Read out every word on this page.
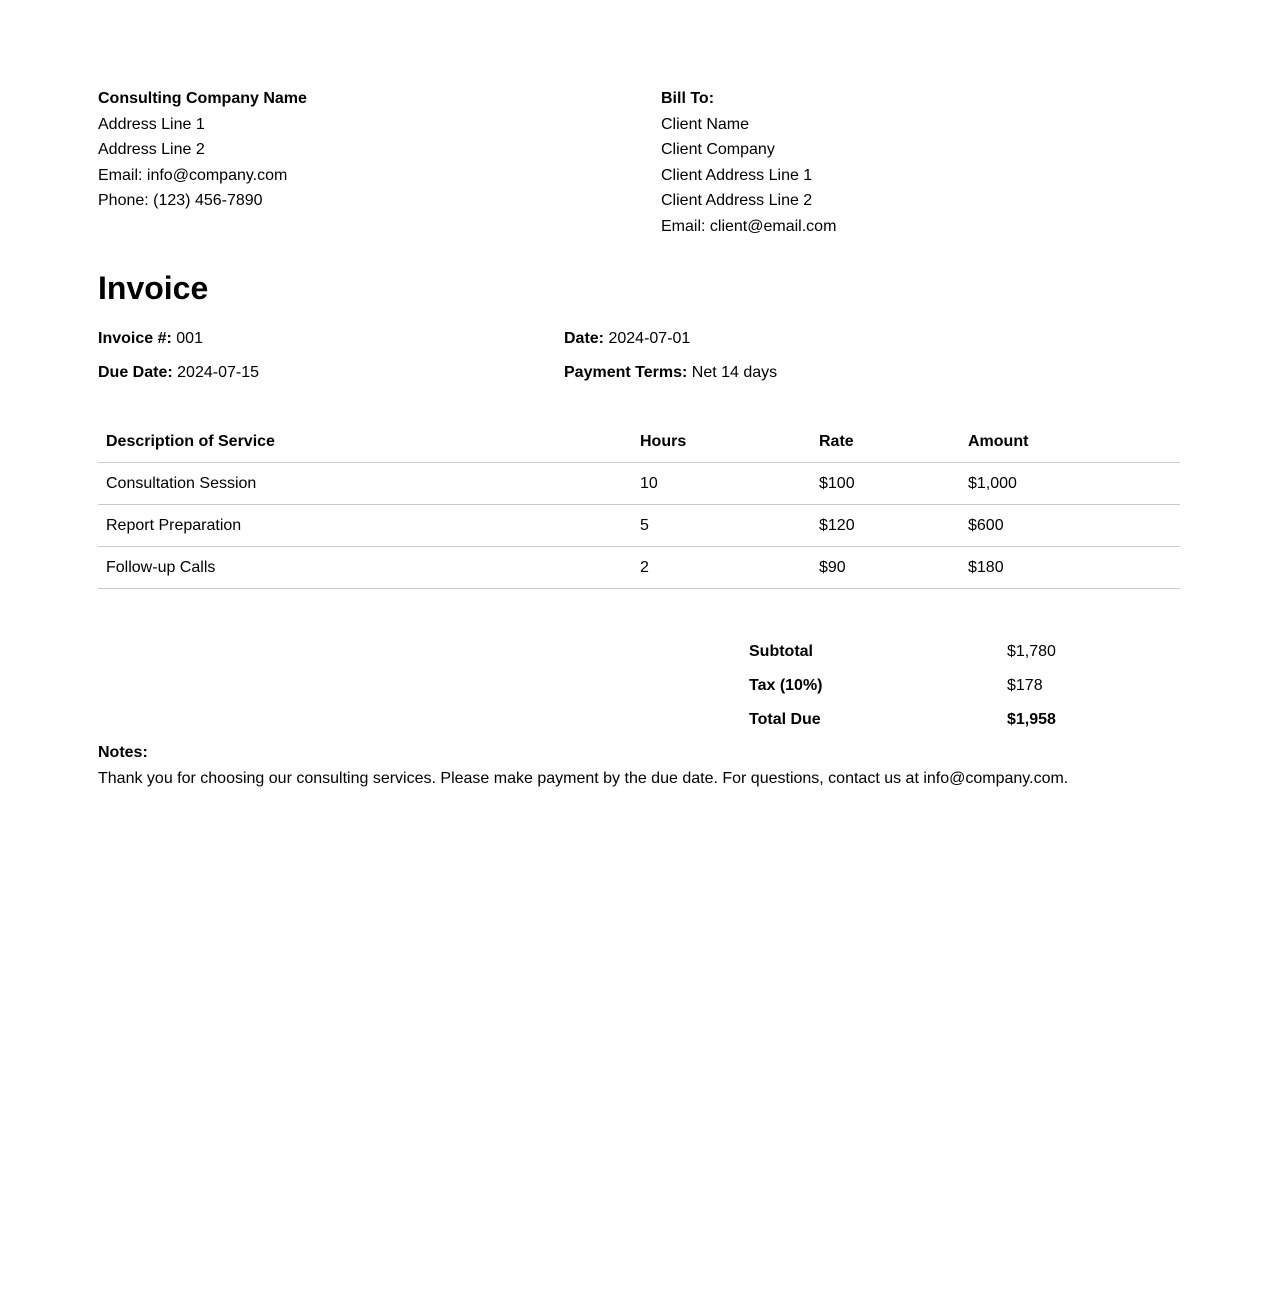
Consulting Company Name
Address Line 1
Address Line 2
Email: info@company.com
Phone: (123) 456-7890
Bill To:
Client Name
Client Company
Client Address Line 1
Client Address Line 2
Email: client@email.com
Invoice
Invoice #: 001	Date: 2024-07-01
Due Date: 2024-07-15	Payment Terms: Net 14 days
Description of Service	Hours	Rate	Amount
Consultation Session	10	$100	$1,000
Report Preparation	5	$120	$600
Follow-up Calls	2	$90	$180
Subtotal	$1,780
Tax (10%)	$178
Total Due	$1,958
Notes:
Thank you for choosing our consulting services. Please make payment by the due date. For questions, contact us at info@company.com.
